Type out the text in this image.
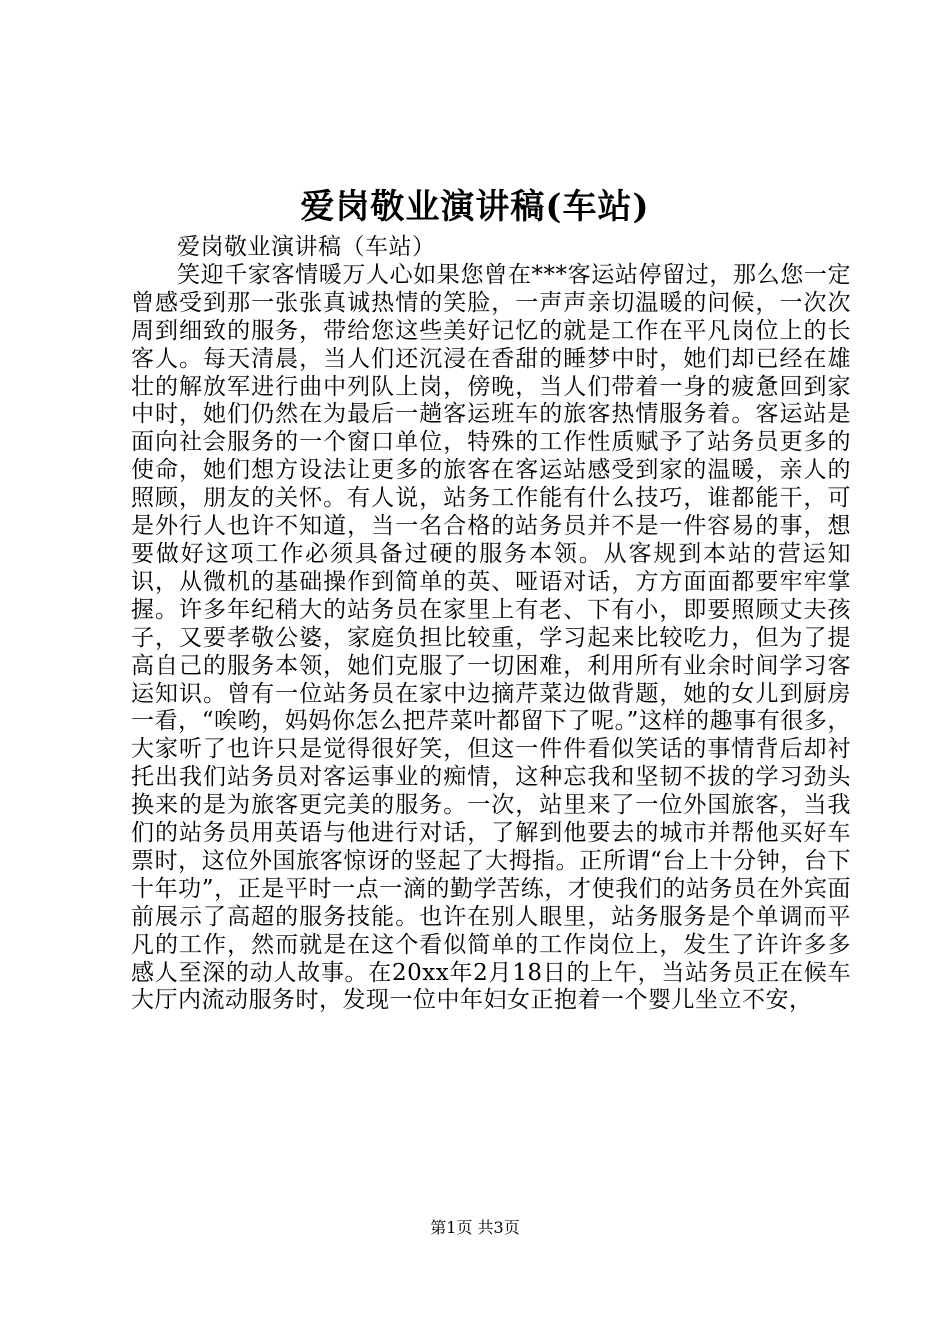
爱岗敬业演讲稿(车站)

爱岗敬业演讲稿（车站）

笑迎千家客情暖万人心如果您曾在***客运站停留过，那么您一定曾感受到那一张张真诚热情的笑脸，一声声亲切温暖的问候，一次次周到细致的服务，带给您这些美好记忆的就是工作在平凡岗位上的长客人。每天清晨，当人们还沉浸在香甜的睡梦中时，她们却已经在雄壮的解放军进行曲中列队上岗，傍晚，当人们带着一身的疲惫回到家中时，她们仍然在为最后一趟客运班车的旅客热情服务着。客运站是面向社会服务的一个窗口单位，特殊的工作性质赋予了站务员更多的使命，她们想方设法让更多的旅客在客运站感受到家的温暖，亲人的照顾，朋友的关怀。有人说，站务工作能有什么技巧，谁都能干，可是外行人也许不知道，当一名合格的站务员并不是一件容易的事，想要做好这项工作必须具备过硬的服务本领。从客规到本站的营运知识，从微机的基础操作到简单的英、哑语对话，方方面面都要牢牢掌握。许多年纪稍大的站务员在家里上有老、下有小，即要照顾丈夫孩子，又要孝敬公婆，家庭负担比较重，学习起来比较吃力，但为了提高自己的服务本领，她们克服了一切困难，利用所有业余时间学习客运知识。曾有一位站务员在家中边摘芹菜边做背题，她的女儿到厨房一看，“唉哟，妈妈你怎么把芹菜叶都留下了呢。”这样的趣事有很多，大家听了也许只是觉得很好笑，但这一件件看似笑话的事情背后却衬托出我们站务员对客运事业的痴情，这种忘我和坚韧不拔的学习劲头换来的是为旅客更完美的服务。一次，站里来了一位外国旅客，当我们的站务员用英语与他进行对话，了解到他要去的城市并帮他买好车票时，这位外国旅客惊讶的竖起了大拇指。正所谓“台上十分钟，台下十年功”，正是平时一点一滴的勤学苦练，才使我们的站务员在外宾面前展示了高超的服务技能。也许在别人眼里，站务服务是个单调而平凡的工作，然而就是在这个看似简单的工作岗位上，发生了许许多多感人至深的动人故事。在20xx年2月18日的上午，当站务员正在候车大厅内流动服务时，发现一位中年妇女正抱着一个婴儿坐立不安，

第1页 共3页
